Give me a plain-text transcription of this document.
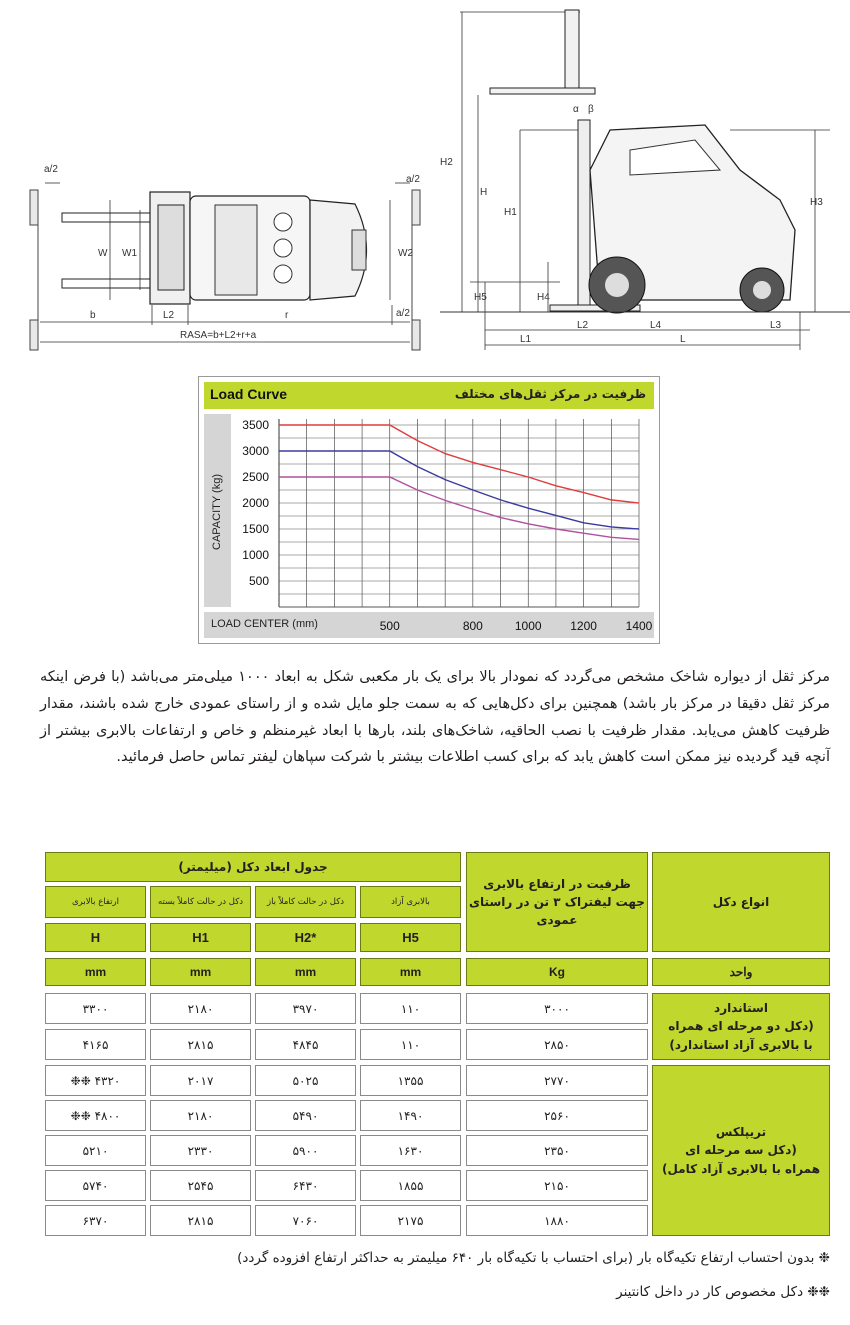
a/2
a/2
a/2
W W1	W2
b	L2	r
RASA=b+L2+r+a
H2
H
H1
H3
H5	H4
L1
L2	L4	L3
L
α β
Load Curve	ظرفیت در مرکز ثقل‌های مختلف
CAPACITY (kg)
LOAD CENTER (mm)
500
1000
1500
2000
2500
3000
3500
500	800	1000 1200 1400
مرکز ثقل از دیواره شاخک مشخص می‌گردد که نمودار بالا برای یک بار مکعبی شکل به ابعاد ۱۰۰۰ میلی‌متر می‌باشد (با فرض اینکه مرکز ثقل دقیقا در مرکز بار باشد) همچنین برای دکل‌هایی که به سمت جلو مایل شده و از راستای عمودی خارج شده باشند، مقدار ظرفیت کاهش می‌یابد. مقدار ظرفیت با نصب الحاقیه، شاخک‌های بلند، بارها با ابعاد غیرمنظم و خاص و ارتفاعات بالابری بیشتر از آنچه قید گردیده نیز ممکن است کاهش یابد که برای کسب اطلاعات بیشتر با شرکت سپاهان لیفتر تماس حاصل فرمائید.
جدول ابعاد دکل (میلیمتر)
ظرفیت در ارتفاع بالابری جهت لیفتراک ۳ تن در راستای عمودی
انواع دکل
ارتفاع بالابری
H
mm
دکل در حالت کاملاً بسته
H1
mm
دکل در حالت کاملاً باز
H2*
mm
بالابری آزاد
H5
mm	Kg	واحد
۳۳۰۰	۲۱۸۰	۳۹۷۰	۱۱۰	۳۰۰۰
۴۱۶۵	۲۸۱۵	۴۸۴۵	۱۱۰	۲۸۵۰
استاندارد
(دکل دو مرحله ای همراه
با بالابری آزاد استاندارد)
❉❉ ۴۳۲۰	۲۰۱۷	۵۰۲۵	۱۳۵۵	۲۷۷۰
❉❉ ۴۸۰۰	۲۱۸۰	۵۴۹۰	۱۴۹۰	۲۵۶۰
۵۲۱۰	۲۳۳۰	۵۹۰۰	۱۶۳۰	۲۳۵۰
۵۷۴۰	۲۵۴۵	۶۴۳۰	۱۸۵۵	۲۱۵۰
۶۳۷۰	۲۸۱۵	۷۰۶۰	۲۱۷۵	۱۸۸۰
تریپلکس
(دکل سه مرحله ای
همراه با بالابری آزاد کامل)
❉ بدون احتساب ارتفاع تکیه‌گاه بار (برای احتساب با تکیه‌گاه بار ۶۴۰ میلیمتر به حداکثر ارتفاع افزوده گردد)
❉❉ دکل مخصوص کار در داخل کانتینر
